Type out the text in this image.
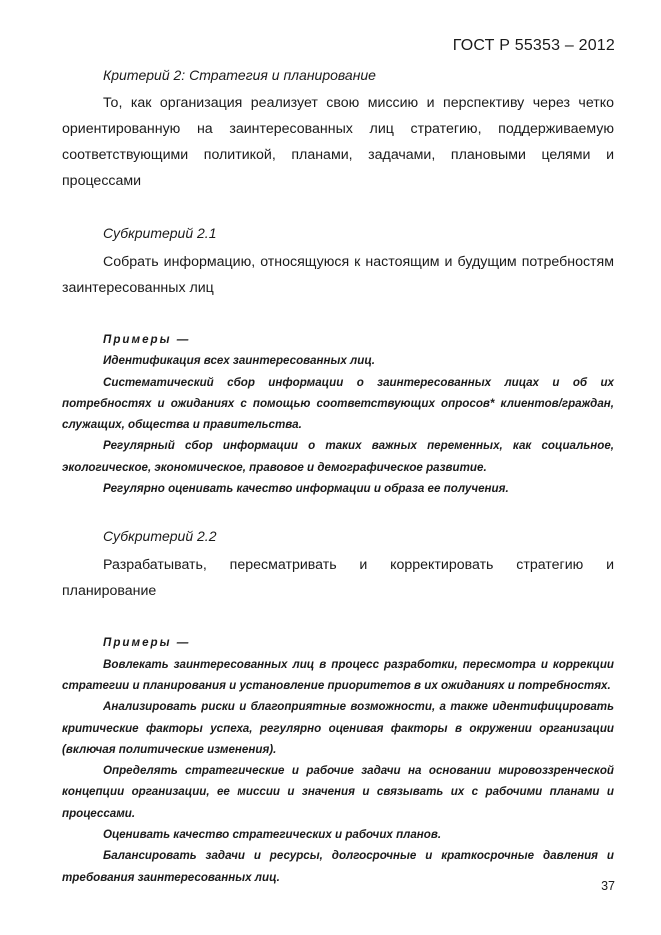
ГОСТ Р 55353 – 2012

Критерий 2: Стратегия и планирование

То, как организация реализует свою миссию и перспективу через четко ориентированную на заинтересованных лиц стратегию, поддерживаемую соответствующими политикой, планами, задачами, плановыми целями и процессами

Субкритерий 2.1

Собрать информацию, относящуюся к настоящим и будущим потребностям заинтересованных лиц

Примеры —

Идентификация всех заинтересованных лиц.

Систематический сбор информации о заинтересованных лицах и об их потребностях и ожиданиях с помощью соответствующих опросов* клиентов/граждан, служащих, общества и правительства.

Регулярный сбор информации о таких важных переменных, как социальное, экологическое, экономическое, правовое и демографическое развитие.

Регулярно оценивать качество информации и образа ее получения.

Субкритерий 2.2

Разрабатывать, пересматривать и корректировать стратегию и планирование

Примеры —

Вовлекать заинтересованных лиц в процесс разработки, пересмотра и коррекции стратегии и планирования и установление приоритетов в их ожиданиях и потребностях.

Анализировать риски и благоприятные возможности, а также идентифицировать критические факторы успеха, регулярно оценивая факторы в окружении организации (включая политические изменения).

Определять стратегические и рабочие задачи на основании мировоззренческой концепции организации, ее миссии и значения и связывать их с рабочими планами и процессами.

Оценивать качество стратегических и рабочих планов.

Балансировать задачи и ресурсы, долгосрочные и краткосрочные давления и требования заинтересованных лиц.

37
